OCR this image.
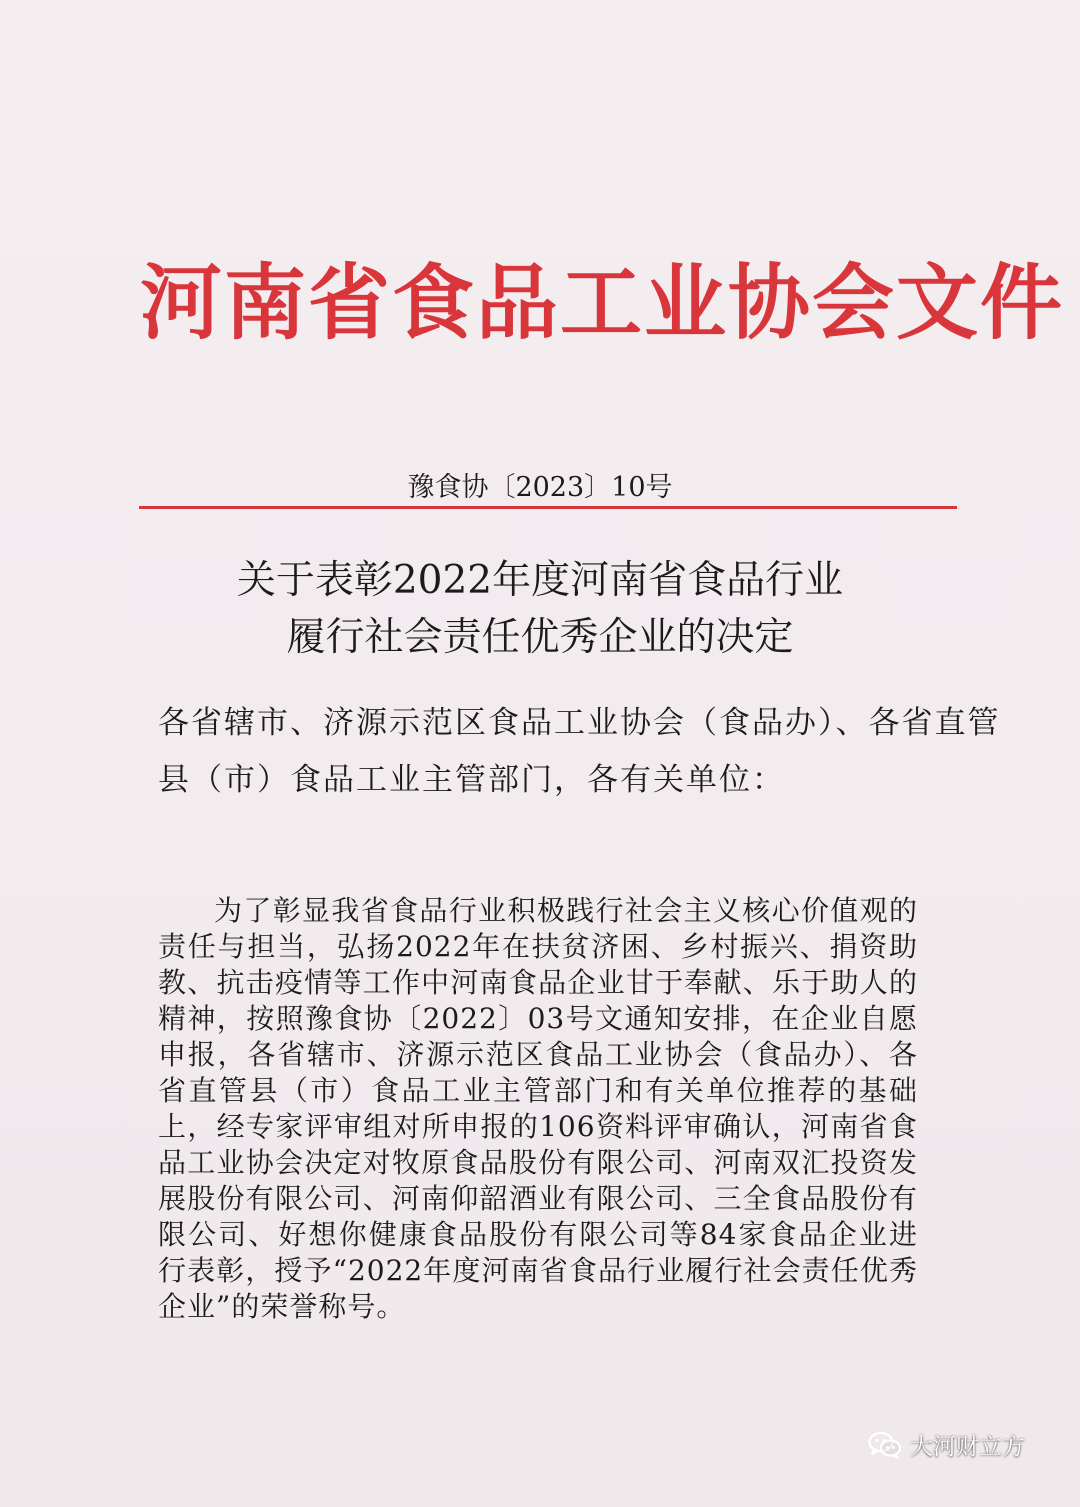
河南省食品工业协会文件
豫食协〔2023〕10号
关于表彰2022年度河南省食品行业
履行社会责任优秀企业的决定
各省辖市、济源示范区食品工业协会（食品办）、各省直管
县（市）食品工业主管部门，各有关单位：
为了彰显我省食品行业积极践行社会主义核心价值观的责任与担当，弘扬2022年在扶贫济困、乡村振兴、捐资助教、抗击疫情等工作中河南食品企业甘于奉献、乐于助人的精神，按照豫食协〔2022〕03号文通知安排，在企业自愿申报，各省辖市、济源示范区食品工业协会（食品办）、各省直管县（市）食品工业主管部门和有关单位推荐的基础上，经专家评审组对所申报的106资料评审确认，河南省食品工业协会决定对牧原食品股份有限公司、河南双汇投资发展股份有限公司、河南仰韶酒业有限公司、三全食品股份有限公司、好想你健康食品股份有限公司等84家食品企业进行表彰，授予“2022年度河南省食品行业履行社会责任优秀企业”的荣誉称号。
大河财立方
